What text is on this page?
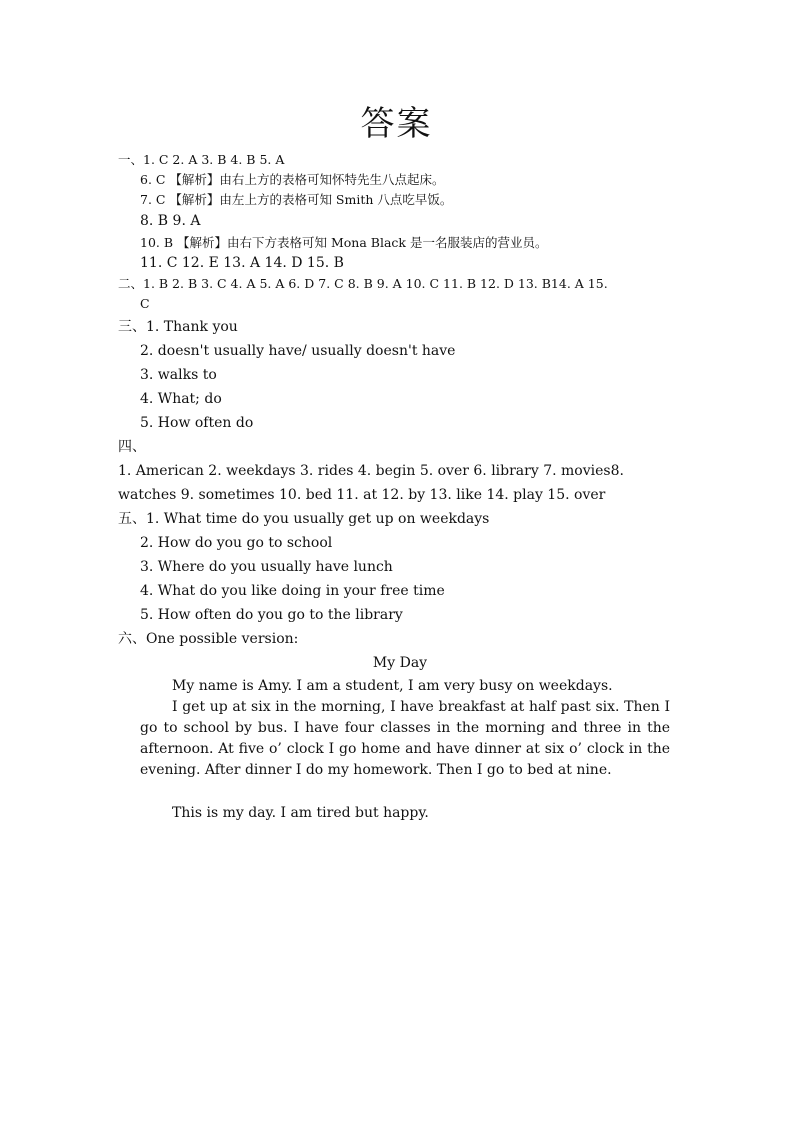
答案
一、1. C 2. A 3. B 4. B 5. A
6. C 【解析】由右上方的表格可知怀特先生八点起床。
7. C 【解析】由左上方的表格可知 Smith 八点吃早饭。
8. B 9. A
10. B 【解析】由右下方表格可知 Mona Black 是一名服装店的营业员。
11. C 12. E 13. A 14. D 15. B
二、1. B 2. B 3. C 4. A 5. A 6. D 7. C 8. B 9. A 10. C 11. B 12. D 13. B14. A 15.
C
三、1. Thank you
2. doesn't usually have/ usually doesn't have
3. walks to
4. What; do
5. How often do
四、
1. American 2. weekdays 3. rides 4. begin 5. over 6. library 7. movies8.
watches 9. sometimes 10. bed 11. at 12. by 13. like 14. play 15. over
五、1. What time do you usually get up on weekdays
2. How do you go to school
3. Where do you usually have lunch
4. What do you like doing in your free time
5. How often do you go to the library
六、One possible version:
My Day
My name is Amy. I am a student, I am very busy on weekdays.
I get up at six in the morning, I have breakfast at half past six. Then I go to school by bus. I have four classes in the morning and three in the afternoon. At five o’ clock I go home and have dinner at six o’ clock in the evening. After dinner I do my homework. Then I go to bed at nine.
This is my day. I am tired but happy.
